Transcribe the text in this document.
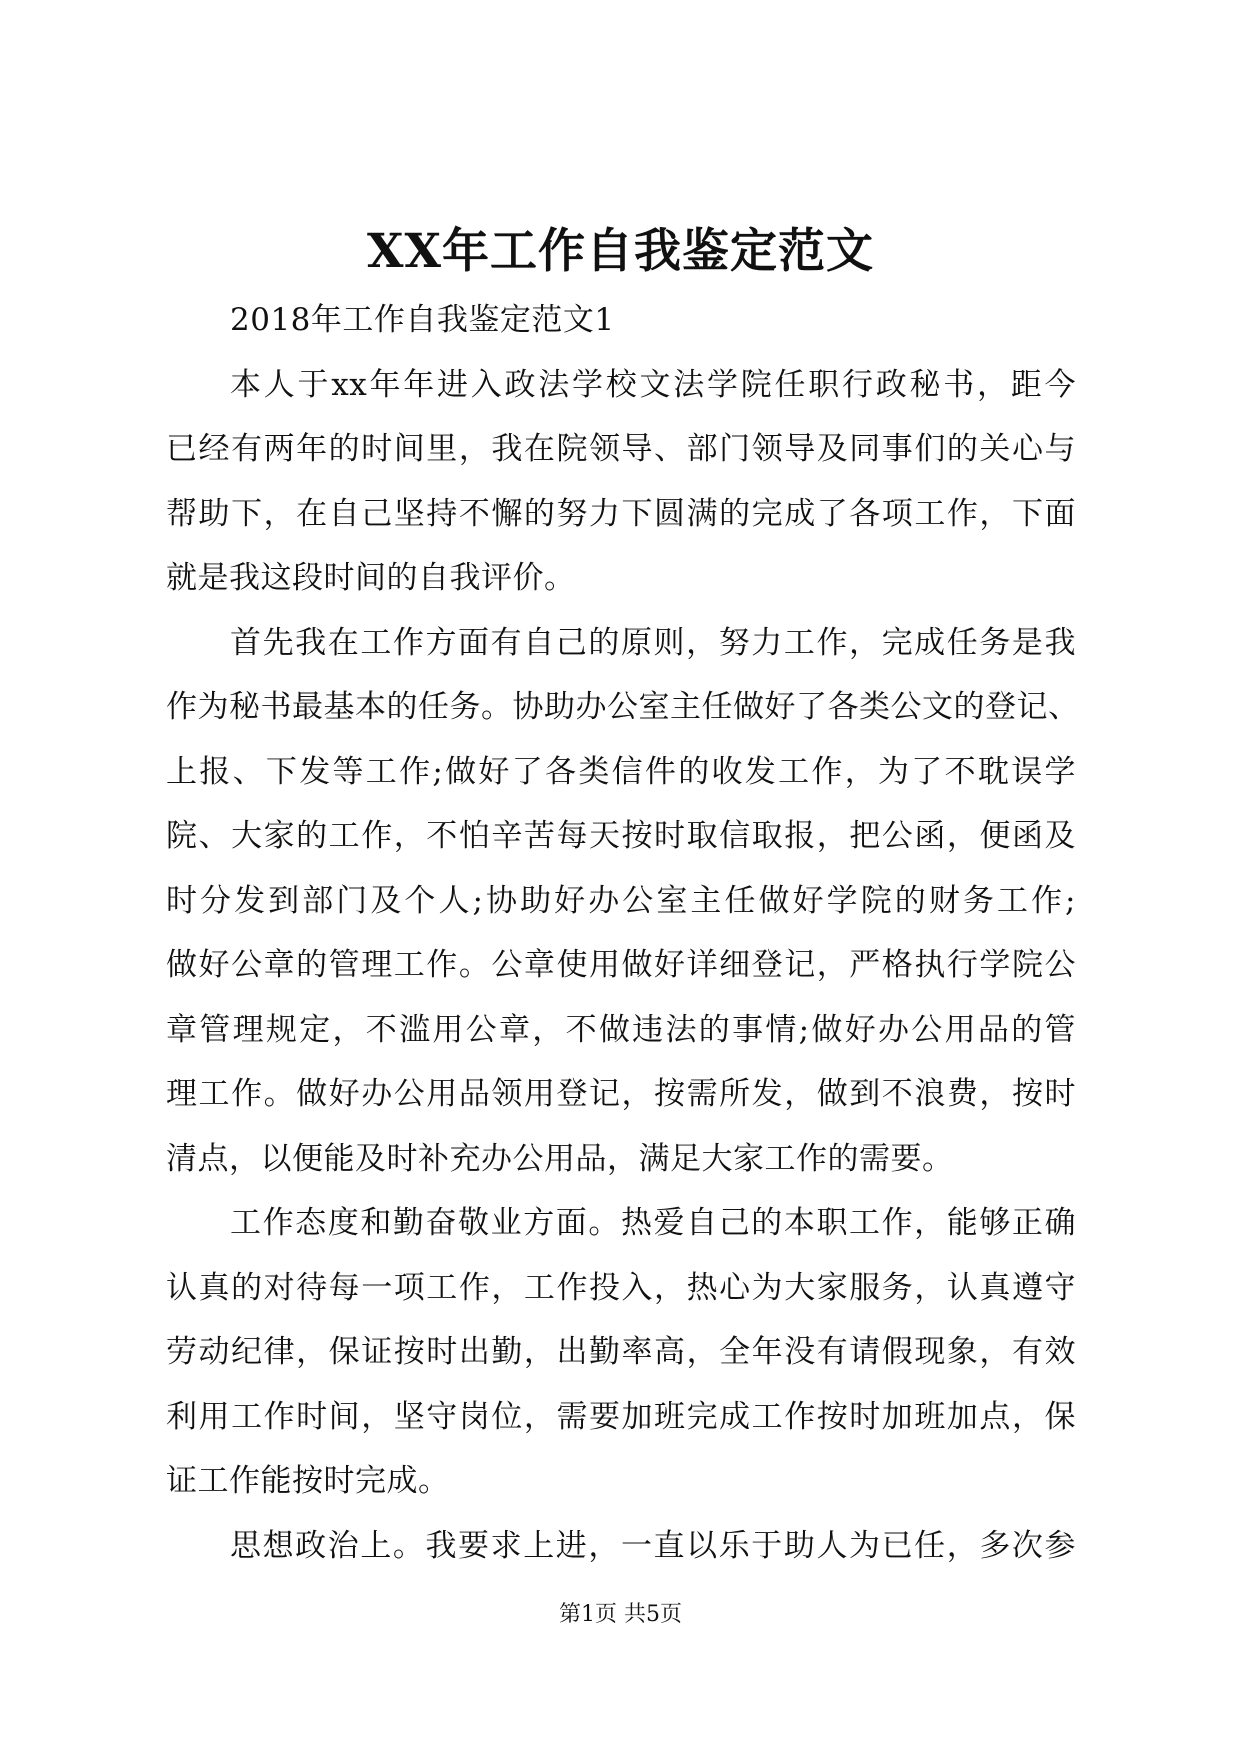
XX年工作自我鉴定范文
2018年工作自我鉴定范文1
本人于xx年年进入政法学校文法学院任职行政秘书，距今
已经有两年的时间里，我在院领导、部门领导及同事们的关心与
帮助下，在自己坚持不懈的努力下圆满的完成了各项工作，下面
就是我这段时间的自我评价。
首先我在工作方面有自己的原则，努力工作，完成任务是我
作为秘书最基本的任务。协助办公室主任做好了各类公文的登记、
上报、下发等工作;做好了各类信件的收发工作，为了不耽误学
院、大家的工作，不怕辛苦每天按时取信取报，把公函，便函及
时分发到部门及个人;协助好办公室主任做好学院的财务工作;
做好公章的管理工作。公章使用做好详细登记，严格执行学院公
章管理规定，不滥用公章，不做违法的事情;做好办公用品的管
理工作。做好办公用品领用登记，按需所发，做到不浪费，按时
清点，以便能及时补充办公用品，满足大家工作的需要。
工作态度和勤奋敬业方面。热爱自己的本职工作，能够正确
认真的对待每一项工作，工作投入，热心为大家服务，认真遵守
劳动纪律，保证按时出勤，出勤率高，全年没有请假现象，有效
利用工作时间，坚守岗位，需要加班完成工作按时加班加点，保
证工作能按时完成。
思想政治上。我要求上进，一直以乐于助人为已任，多次参
第1页 共5页
